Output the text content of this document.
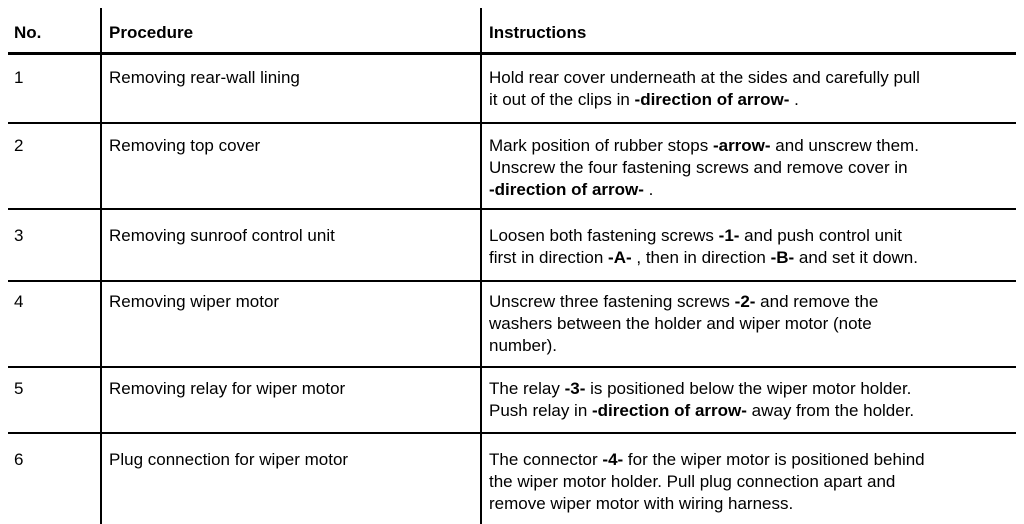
No.	Procedure	Instructions
1	Removing rear-wall lining	Hold rear cover underneath at the sides and carefully pull
it out of the clips in -direction of arrow- .
2	Removing top cover	Mark position of rubber stops -arrow- and unscrew them.
Unscrew the four fastening screws and remove cover in
-direction of arrow- .
3	Removing sunroof control unit	Loosen both fastening screws -1- and push control unit
first in direction -A- , then in direction -B- and set it down.
4	Removing wiper motor	Unscrew three fastening screws -2- and remove the
washers between the holder and wiper motor (note
number).
5	Removing relay for wiper motor	The relay -3- is positioned below the wiper motor holder.
Push relay in -direction of arrow- away from the holder.
6	Plug connection for wiper motor	The connector -4- for the wiper motor is positioned behind
the wiper motor holder. Pull plug connection apart and
remove wiper motor with wiring harness.
